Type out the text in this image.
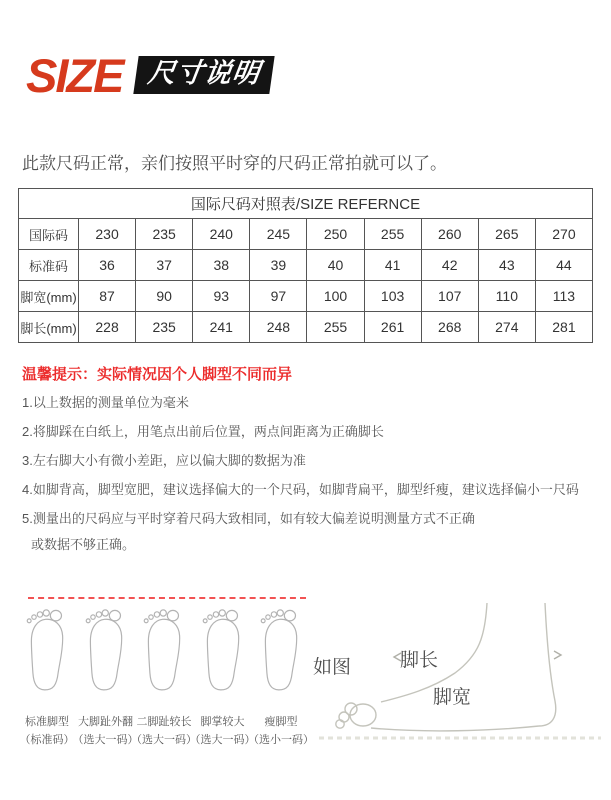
SIZE 尺寸说明
此款尺码正常，亲们按照平时穿的尺码正常拍就可以了。
国际尺码对照表/SIZE REFERNCE									
国际码	230	235	240	245	250	255	260	265	270
标准码	36	37	38	39	40	41	42	43	44
脚宽(mm)	87	90	93	97	100	103	107	110	113
脚长(mm)	228	235	241	248	255	261	268	274	281
温馨提示：实际情况因个人脚型不同而异
1.以上数据的测量单位为毫米
2.将脚踩在白纸上，用笔点出前后位置，两点间距离为正确脚长
3.左右脚大小有微小差距，应以偏大脚的数据为准
4.如脚背高，脚型宽肥，建议选择偏大的一个尺码，如脚背扁平，脚型纤瘦，建议选择偏小一尺码
5.测量出的尺码应与平时穿着尺码大致相同，如有较大偏差说明测量方式不正确
或数据不够正确。
标准脚型
（标准码）
大脚趾外翻
（选大一码）
二脚趾较长
（选大一码）
脚掌较大
（选大一码）
瘦脚型
（选小一码）
如图	脚长
脚宽
